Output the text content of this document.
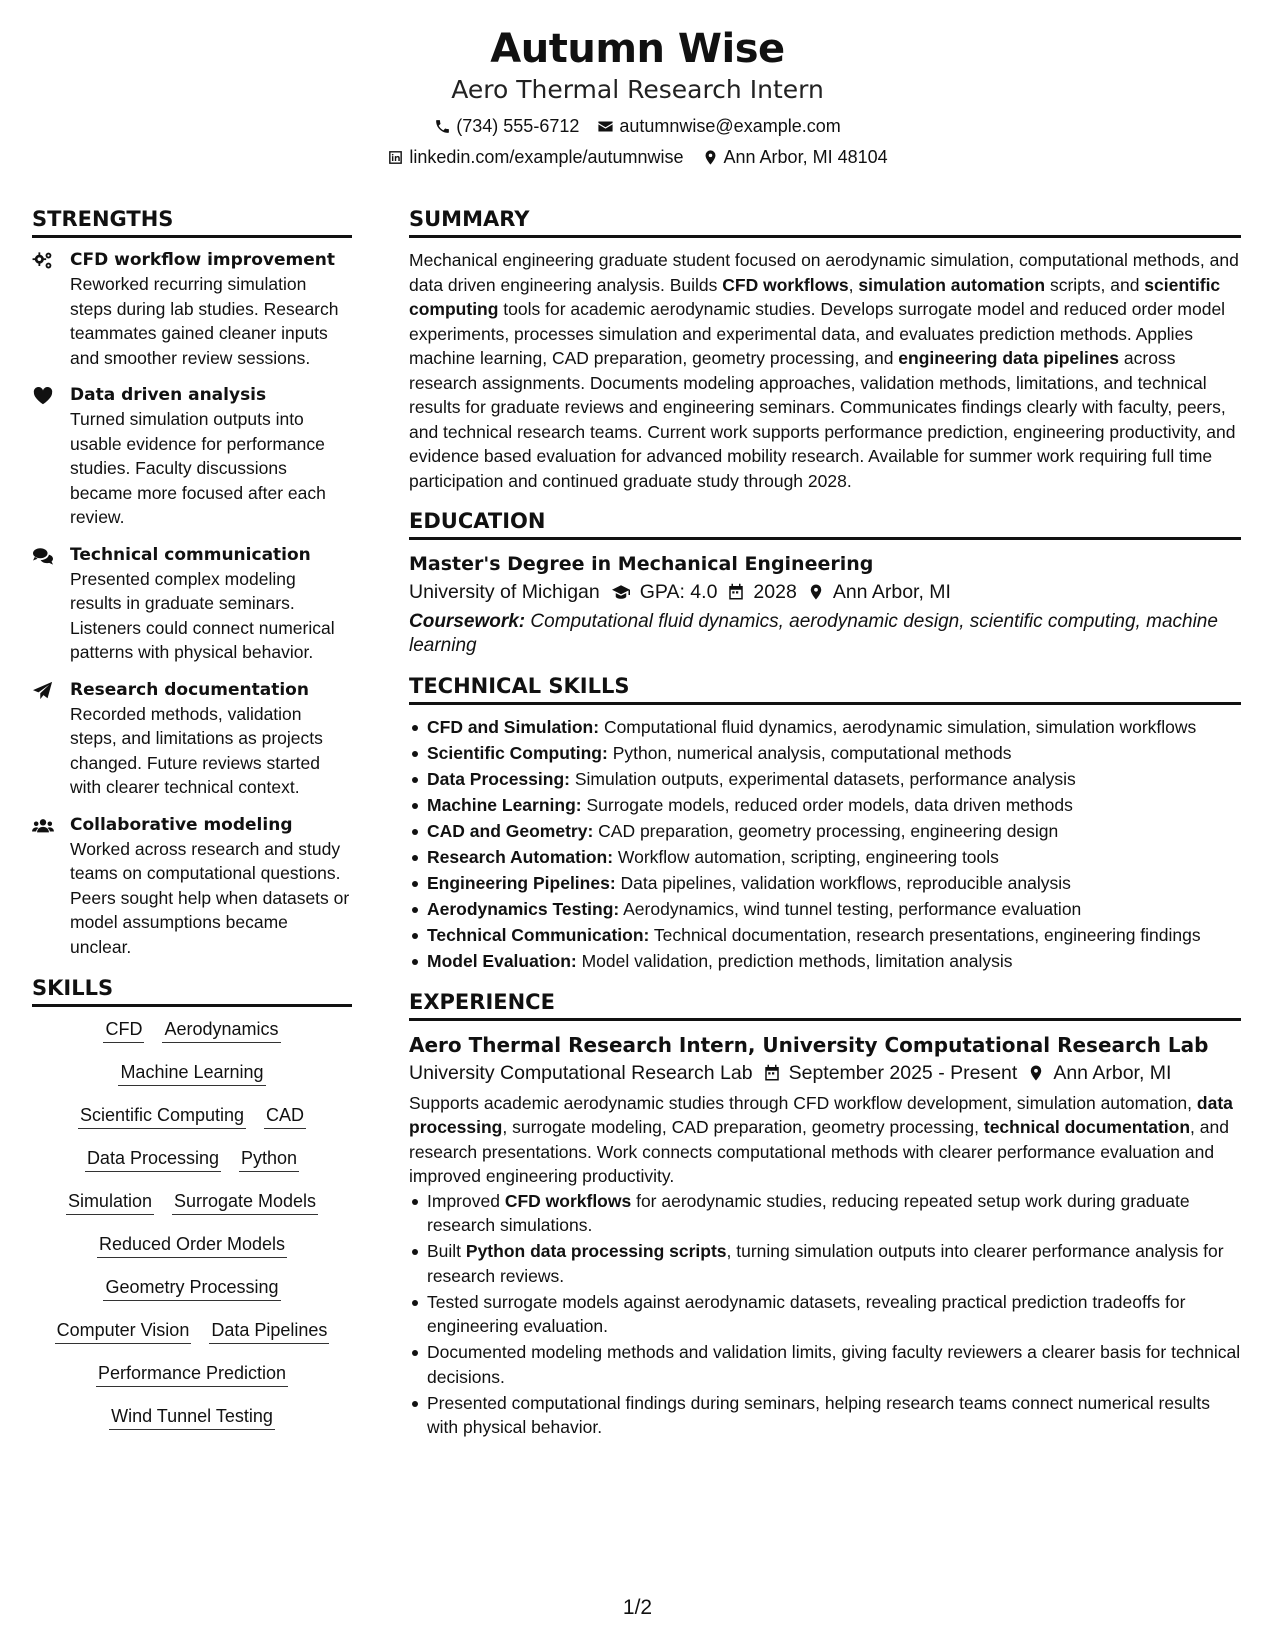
Autumn Wise
Aero Thermal Research Intern
(734) 555-6712 autumnwise@example.com
linkedin.com/example/autumnwise Ann Arbor, MI 48104
STRENGTHS
CFD workflow improvement
Reworked recurring simulation steps during lab studies. Research teammates gained cleaner inputs and smoother review sessions.
Data driven analysis
Turned simulation outputs into usable evidence for performance studies. Faculty discussions became more focused after each review.
Technical communication
Presented complex modeling results in graduate seminars. Listeners could connect numerical patterns with physical behavior.
Research documentation
Recorded methods, validation steps, and limitations as projects changed. Future reviews started with clearer technical context.
Collaborative modeling
Worked across research and study teams on computational questions. Peers sought help when datasets or model assumptions became unclear.
SKILLS
CFD Aerodynamics
Machine Learning
Scientific Computing CAD
Data Processing Python
Simulation Surrogate Models
Reduced Order Models
Geometry Processing
Computer Vision Data Pipelines
Performance Prediction
Wind Tunnel Testing
SUMMARY
Mechanical engineering graduate student focused on aerodynamic simulation, computational methods, and data driven engineering analysis. Builds CFD workflows, simulation automation scripts, and scientific computing tools for academic aerodynamic studies. Develops surrogate model and reduced order model experiments, processes simulation and experimental data, and evaluates prediction methods. Applies machine learning, CAD preparation, geometry processing, and engineering data pipelines across research assignments. Documents modeling approaches, validation methods, limitations, and technical results for graduate reviews and engineering seminars. Communicates findings clearly with faculty, peers, and technical research teams. Current work supports performance prediction, engineering productivity, and evidence based evaluation for advanced mobility research. Available for summer work requiring full time participation and continued graduate study through 2028.
EDUCATION
Master's Degree in Mechanical Engineering
University of Michigan GPA: 4.0 2028 Ann Arbor, MI
Coursework: Computational fluid dynamics, aerodynamic design, scientific computing, machine learning
TECHNICAL SKILLS
CFD and Simulation: Computational fluid dynamics, aerodynamic simulation, simulation workflows
Scientific Computing: Python, numerical analysis, computational methods
Data Processing: Simulation outputs, experimental datasets, performance analysis
Machine Learning: Surrogate models, reduced order models, data driven methods
CAD and Geometry: CAD preparation, geometry processing, engineering design
Research Automation: Workflow automation, scripting, engineering tools
Engineering Pipelines: Data pipelines, validation workflows, reproducible analysis
Aerodynamics Testing: Aerodynamics, wind tunnel testing, performance evaluation
Technical Communication: Technical documentation, research presentations, engineering findings
Model Evaluation: Model validation, prediction methods, limitation analysis
EXPERIENCE
Aero Thermal Research Intern, University Computational Research Lab
University Computational Research Lab September 2025 - Present Ann Arbor, MI
Supports academic aerodynamic studies through CFD workflow development, simulation automation, data processing, surrogate modeling, CAD preparation, geometry processing, technical documentation, and research presentations. Work connects computational methods with clearer performance evaluation and improved engineering productivity.
Improved CFD workflows for aerodynamic studies, reducing repeated setup work during graduate research simulations.
Built Python data processing scripts, turning simulation outputs into clearer performance analysis for research reviews.
Tested surrogate models against aerodynamic datasets, revealing practical prediction tradeoffs for engineering evaluation.
Documented modeling methods and validation limits, giving faculty reviewers a clearer basis for technical decisions.
Presented computational findings during seminars, helping research teams connect numerical results with physical behavior.
1/2
